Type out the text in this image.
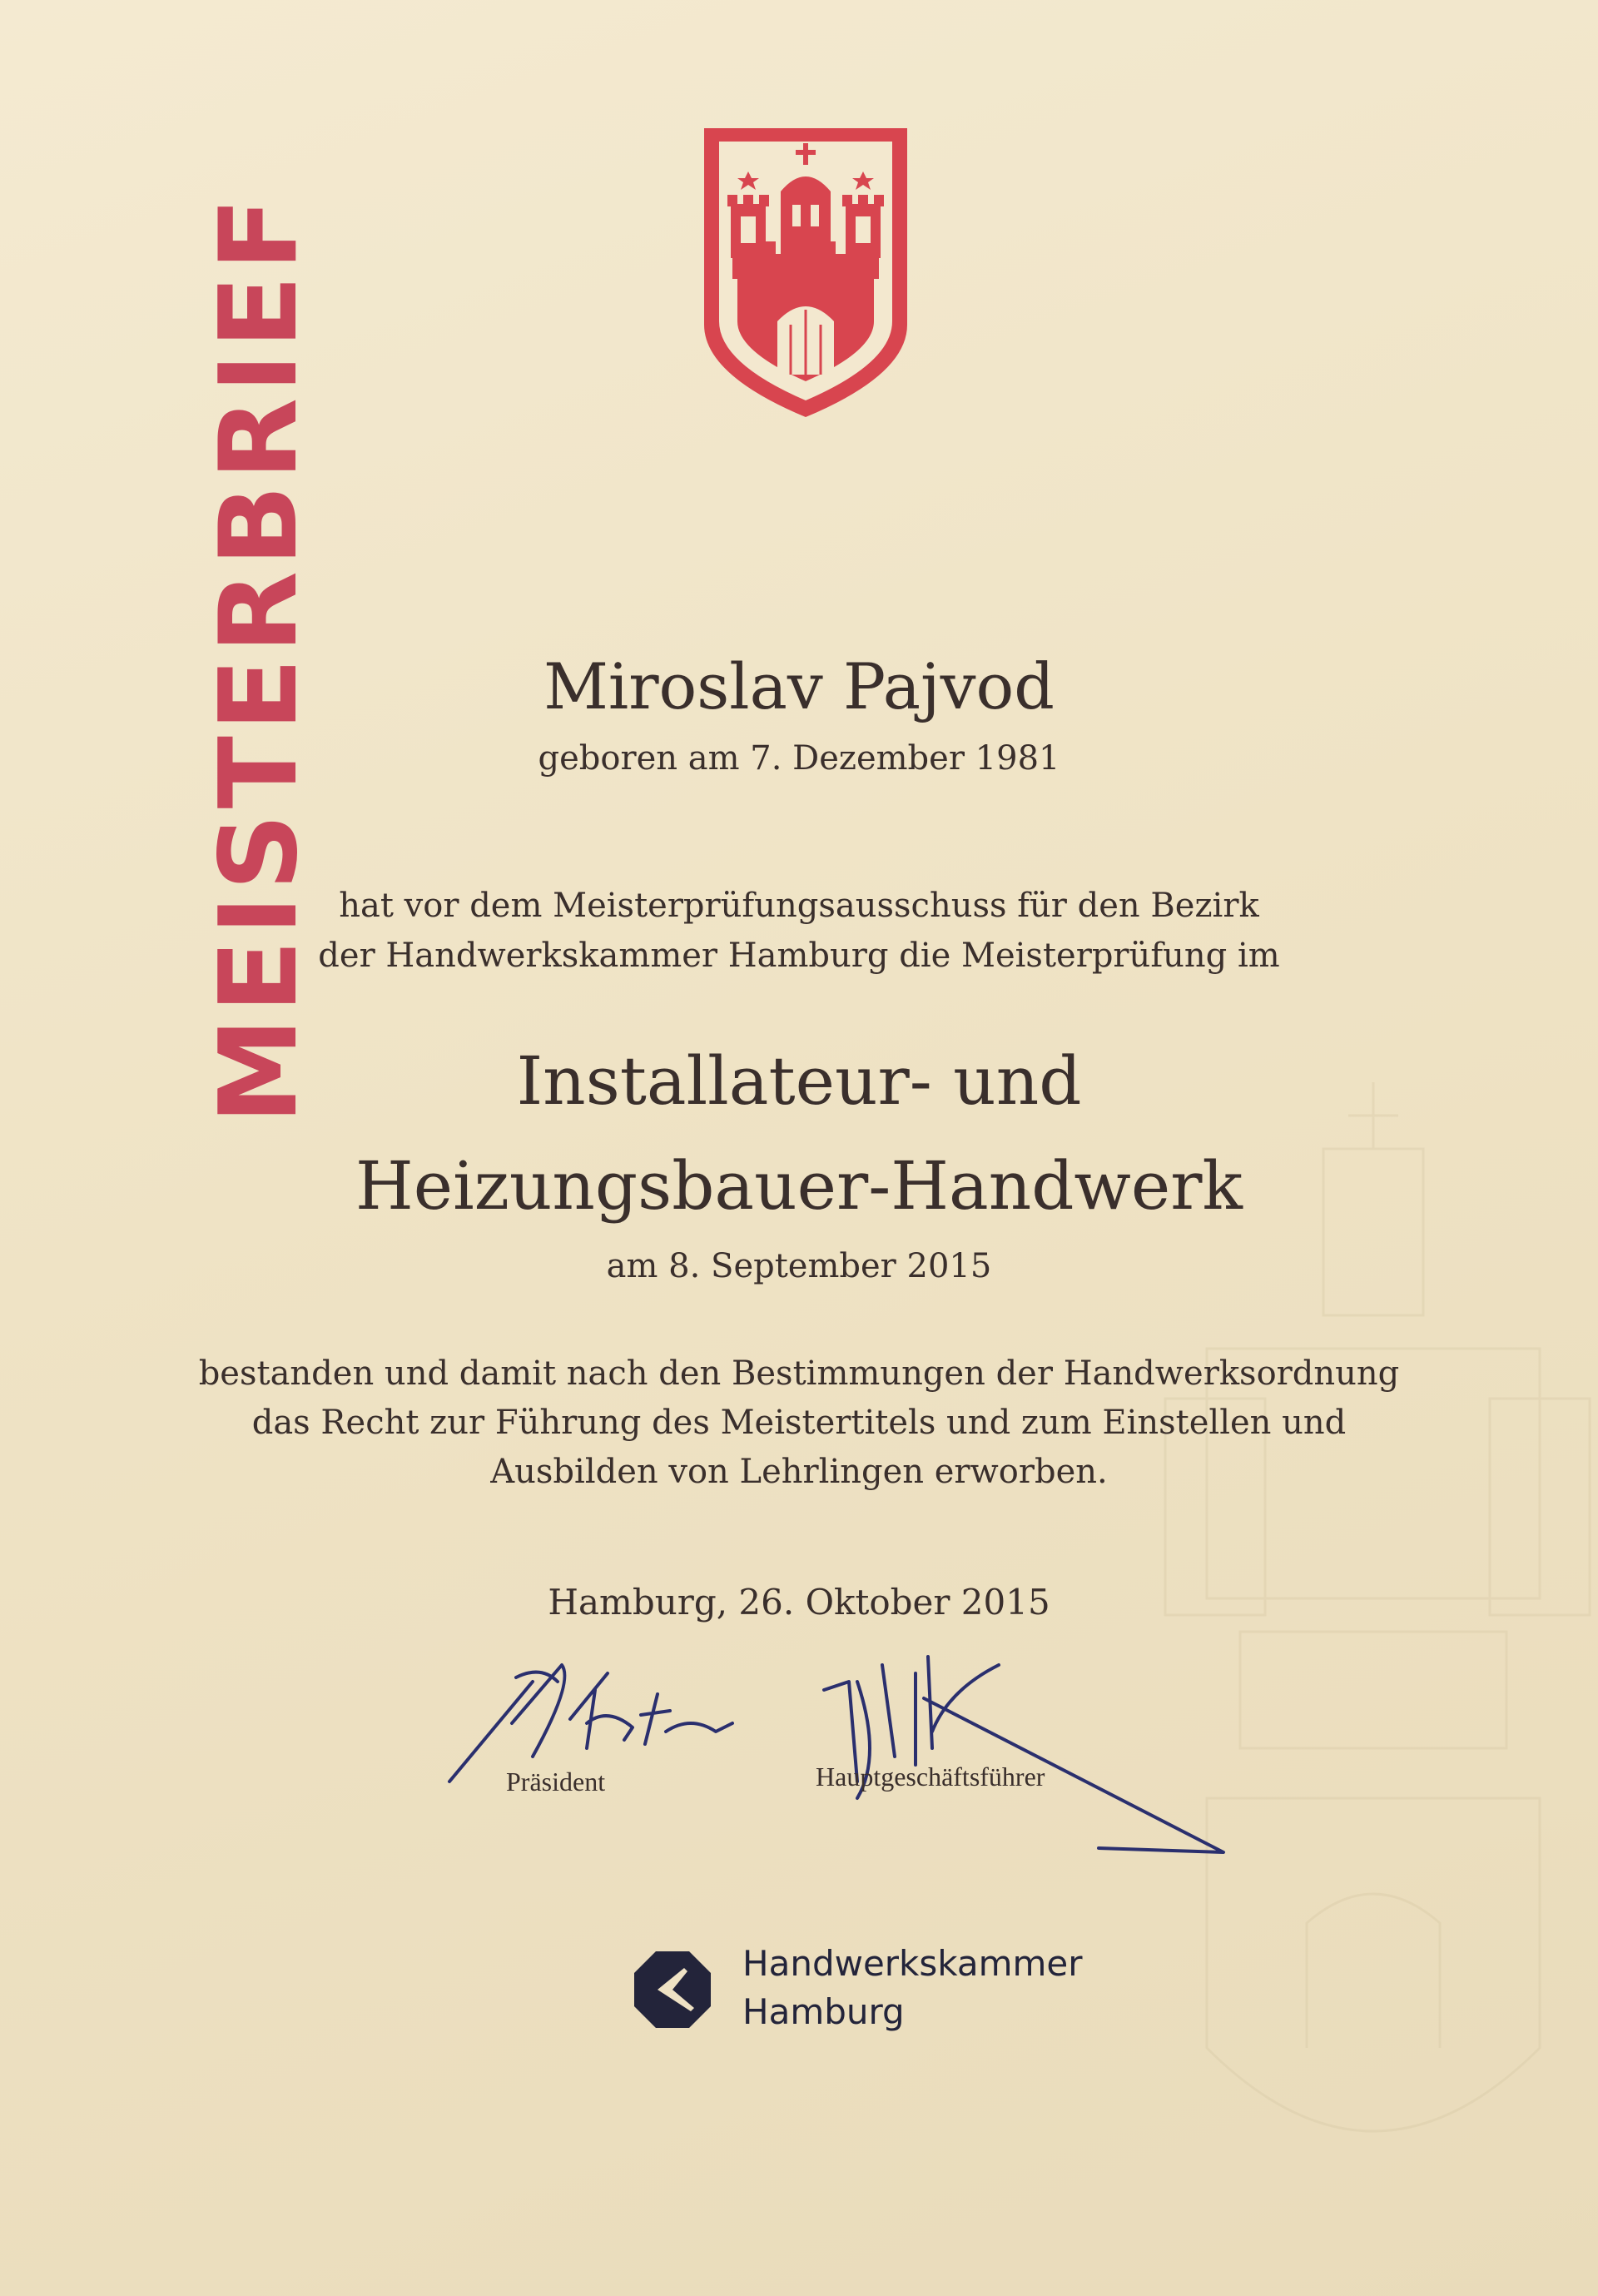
MEISTERBRIEF	Miroslav Pajvod
geboren am 7. Dezember 1981
hat vor dem Meisterprüfungsausschuss für den Bezirk
der Handwerkskammer Hamburg die Meisterprüfung im
Installateur- und
Heizungsbauer-Handwerk
am 8. September 2015
bestanden und damit nach den Bestimmungen der Handwerksordnung
das Recht zur Führung des Meistertitels und zum Einstellen und
Ausbilden von Lehrlingen erworben.
Hamburg, 26. Oktober 2015
Präsident	Hauptgeschäftsführer
Handwerkskammer
Hamburg
